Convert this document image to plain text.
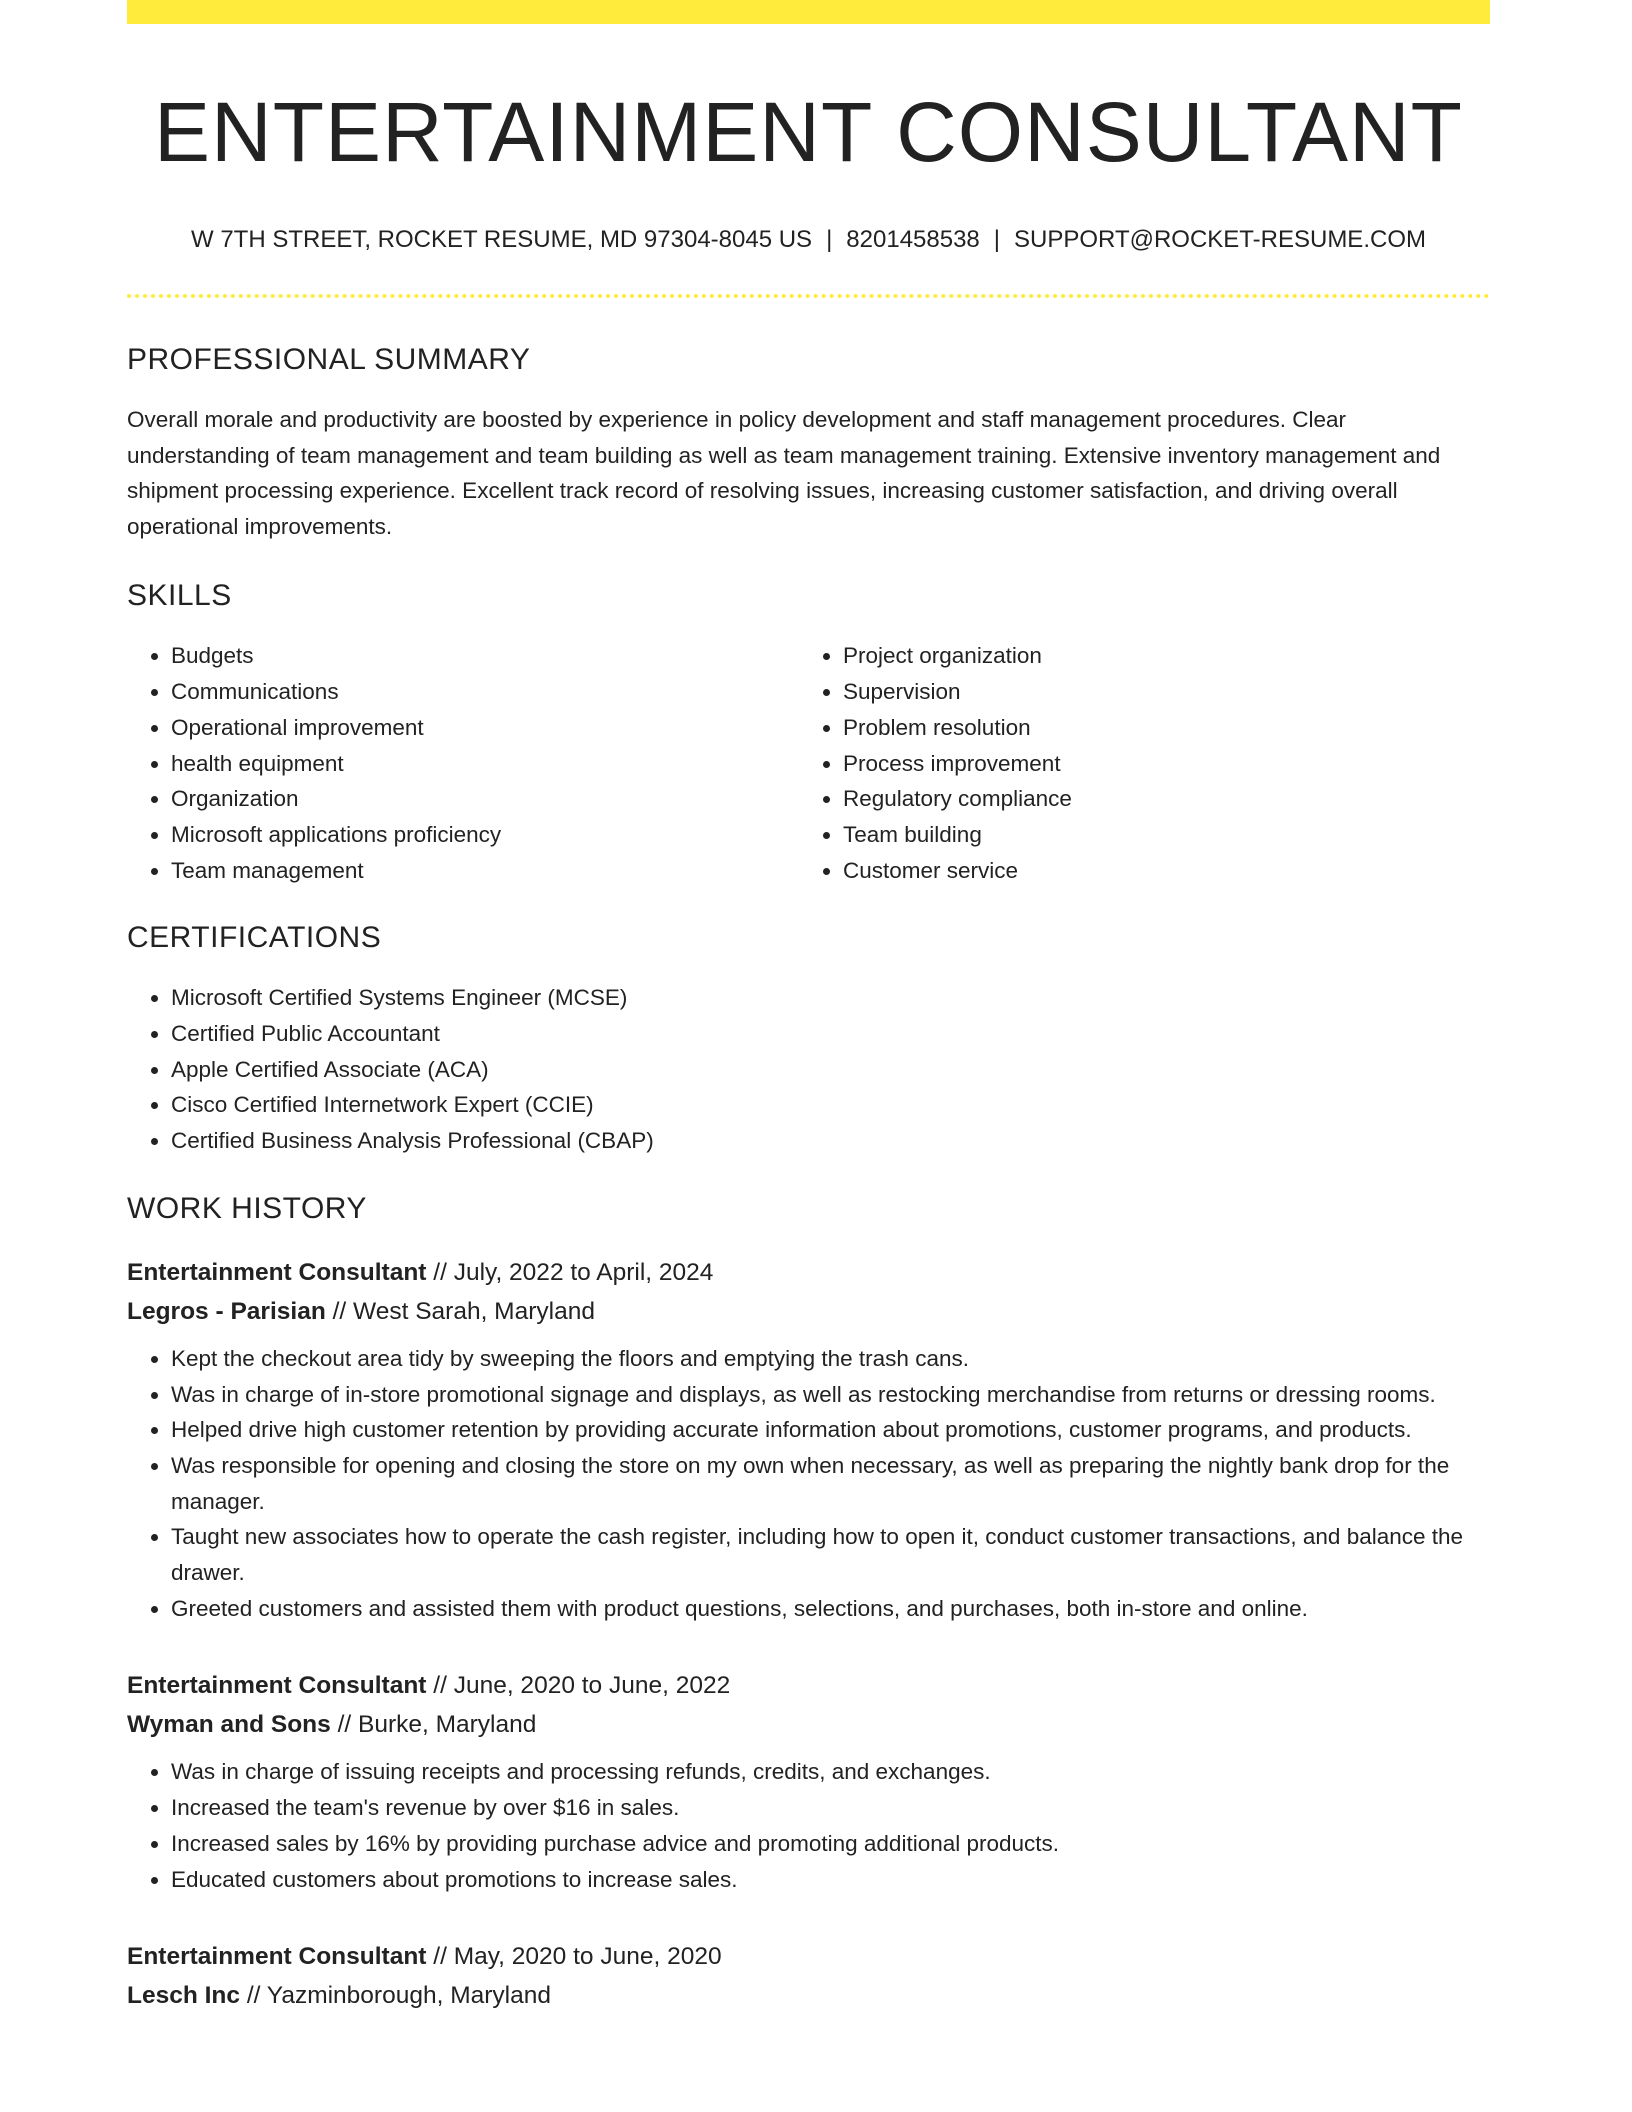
ENTERTAINMENT CONSULTANT
W 7TH STREET, ROCKET RESUME, MD 97304-8045 US | 8201458538 | SUPPORT@ROCKET-RESUME.COM
PROFESSIONAL SUMMARY

Overall morale and productivity are boosted by experience in policy development and staff management procedures. Clear understanding of team management and team building as well as team management training. Extensive inventory management and shipment processing experience. Excellent track record of resolving issues, increasing customer satisfaction, and driving overall operational improvements.

SKILLS
• Budgets
• Communications
• Operational improvement
• health equipment
• Organization
• Microsoft applications proficiency
• Team management
• Project organization
• Supervision
• Problem resolution
• Process improvement
• Regulatory compliance
• Team building
• Customer service
CERTIFICATIONS
• Microsoft Certified Systems Engineer (MCSE)
• Certified Public Accountant
• Apple Certified Associate (ACA)
• Cisco Certified Internetwork Expert (CCIE)
• Certified Business Analysis Professional (CBAP)
WORK HISTORY
Entertainment Consultant // July, 2022 to April, 2024
Legros - Parisian // West Sarah, Maryland
• Kept the checkout area tidy by sweeping the floors and emptying the trash cans.
• Was in charge of in-store promotional signage and displays, as well as restocking merchandise from returns or dressing rooms.
• Helped drive high customer retention by providing accurate information about promotions, customer programs, and products.
• Was responsible for opening and closing the store on my own when necessary, as well as preparing the nightly bank drop for the manager.
• Taught new associates how to operate the cash register, including how to open it, conduct customer transactions, and balance the drawer.
• Greeted customers and assisted them with product questions, selections, and purchases, both in-store and online.
Entertainment Consultant // June, 2020 to June, 2022
Wyman and Sons // Burke, Maryland
• Was in charge of issuing receipts and processing refunds, credits, and exchanges.
• Increased the team's revenue by over $16 in sales.
• Increased sales by 16% by providing purchase advice and promoting additional products.
• Educated customers about promotions to increase sales.
Entertainment Consultant // May, 2020 to June, 2020
Lesch Inc // Yazminborough, Maryland
